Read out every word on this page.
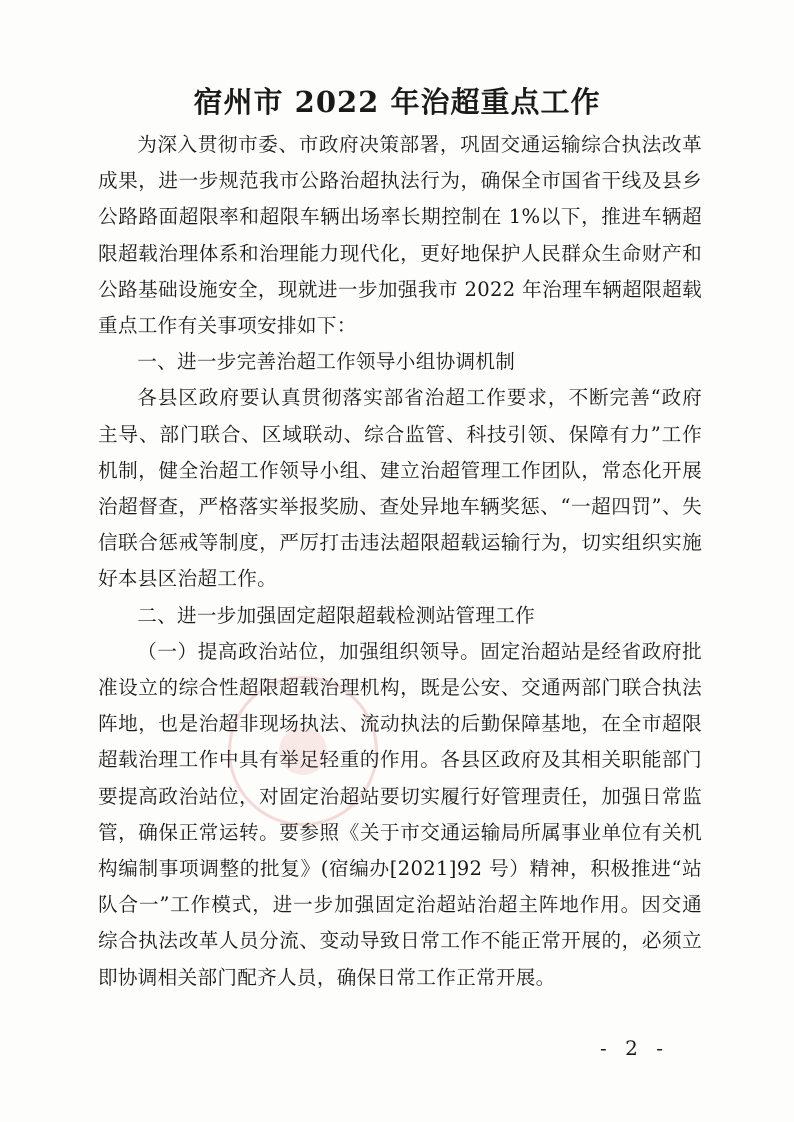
宿州市 2022 年治超重点工作

为深入贯彻市委、市政府决策部署，巩固交通运输综合执法改革成果，进一步规范我市公路治超执法行为，确保全市国省干线及县乡公路路面超限率和超限车辆出场率长期控制在 1%以下，推进车辆超限超载治理体系和治理能力现代化，更好地保护人民群众生命财产和公路基础设施安全，现就进一步加强我市 2022 年治理车辆超限超载重点工作有关事项安排如下：

一、进一步完善治超工作领导小组协调机制

各县区政府要认真贯彻落实部省治超工作要求，不断完善“政府主导、部门联合、区域联动、综合监管、科技引领、保障有力”工作机制，健全治超工作领导小组、建立治超管理工作团队，常态化开展治超督查，严格落实举报奖励、查处异地车辆奖惩、“一超四罚”、失信联合惩戒等制度，严厉打击违法超限超载运输行为，切实组织实施好本县区治超工作。

二、进一步加强固定超限超载检测站管理工作

（一）提高政治站位，加强组织领导。固定治超站是经省政府批准设立的综合性超限超载治理机构，既是公安、交通两部门联合执法阵地，也是治超非现场执法、流动执法的后勤保障基地，在全市超限超载治理工作中具有举足轻重的作用。各县区政府及其相关职能部门要提高政治站位，对固定治超站要切实履行好管理责任，加强日常监管，确保正常运转。要参照《关于市交通运输局所属事业单位有关机构编制事项调整的批复》(宿编办[2021]92 号）精神，积极推进“站队合一”工作模式，进一步加强固定治超站治超主阵地作用。因交通综合执法改革人员分流、变动导致日常工作不能正常开展的，必须立即协调相关部门配齐人员，确保日常工作正常开展。

- 2 -
